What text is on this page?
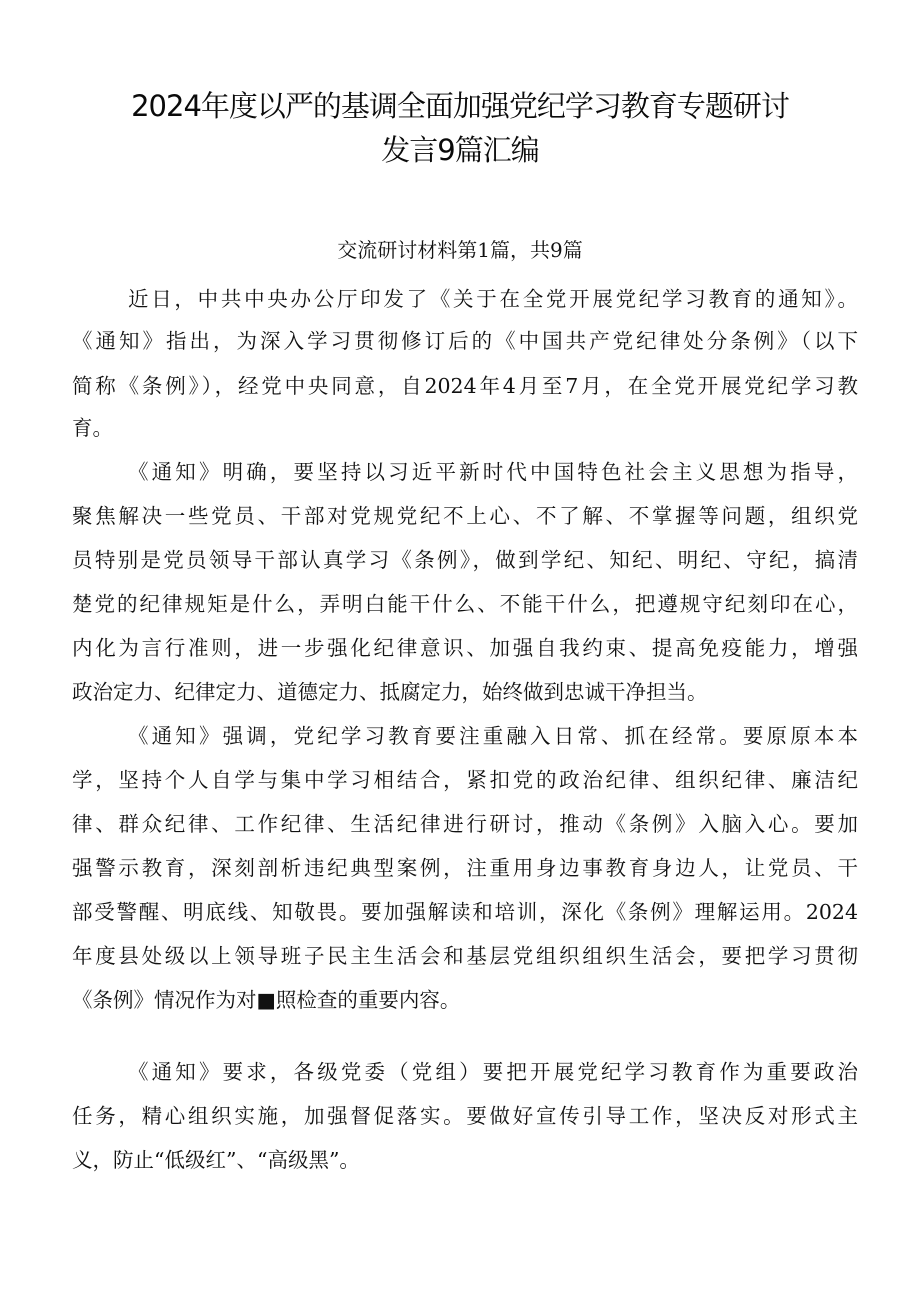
2024年度以严的基调全面加强党纪学习教育专题研讨
发言9篇汇编
交流研讨材料第1篇，共9篇
近日，中共中央办公厅印发了《关于在全党开展党纪学习教育的通知》。
《通知》指出，为深入学习贯彻修订后的《中国共产党纪律处分条例》（以下
简称《条例》），经党中央同意，自2024年4月至7月，在全党开展党纪学习教
育。
《通知》明确，要坚持以习近平新时代中国特色社会主义思想为指导，
聚焦解决一些党员、干部对党规党纪不上心、不了解、不掌握等问题，组织党
员特别是党员领导干部认真学习《条例》，做到学纪、知纪、明纪、守纪，搞清
楚党的纪律规矩是什么，弄明白能干什么、不能干什么，把遵规守纪刻印在心，
内化为言行准则，进一步强化纪律意识、加强自我约束、提高免疫能力，增强
政治定力、纪律定力、道德定力、抵腐定力，始终做到忠诚干净担当。
《通知》强调，党纪学习教育要注重融入日常、抓在经常。要原原本本
学，坚持个人自学与集中学习相结合，紧扣党的政治纪律、组织纪律、廉洁纪
律、群众纪律、工作纪律、生活纪律进行研讨，推动《条例》入脑入心。要加
强警示教育，深刻剖析违纪典型案例，注重用身边事教育身边人，让党员、干
部受警醒、明底线、知敬畏。要加强解读和培训，深化《条例》理解运用。2024
年度县处级以上领导班子民主生活会和基层党组织组织生活会，要把学习贯彻
《条例》情况作为对■照检查的重要内容。
《通知》要求，各级党委（党组）要把开展党纪学习教育作为重要政治
任务，精心组织实施，加强督促落实。要做好宣传引导工作，坚决反对形式主
义，防止“低级红”、“高级黑”。
